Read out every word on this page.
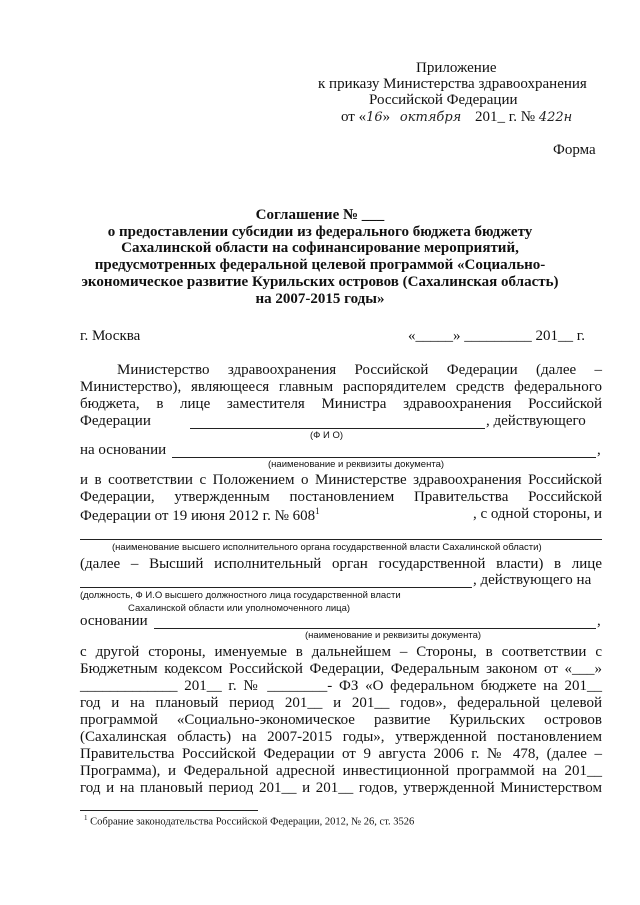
Приложение
к приказу Министерства здравоохранения
Российской Федерации
от «16» октября 201_ г. № 422н
Форма
Соглашение № ___
о предоставлении субсидии из федерального бюджета бюджету
Сахалинской области на софинансирование мероприятий,
предусмотренных федеральной целевой программой «Социально-
экономическое развитие Курильских островов (Сахалинская область)
на 2007-2015 годы»
г. Москва	«_____» _________ 201__ г.
Министерство здравоохранения Российской Федерации (далее –
Министерство), являющееся главным распорядителем средств федерального
бюджета, в лице заместителя Министра здравоохранения Российской
Федерации	, действующего
(Ф И О)
на основании	,
(наименование и реквизиты документа)
и в соответствии с Положением о Министерстве здравоохранения Российской
Федерации, утвержденным постановлением Правительства Российской
Федерации от 19 июня 2012 г. № $608^1$	, с одной стороны, и
(наименование высшего исполнительного органа государственной власти Сахалинской области)
(далее – Высший исполнительный орган государственной власти) в лице
, действующего на
(должность, Ф И.О высшего должностного лица государственной власти
Сахалинской области или уполномоченного лица)
основании	,
(наименование и реквизиты документа)
с другой стороны, именуемые в дальнейшем – Стороны, в соответствии с
Бюджетным кодексом Российской Федерации, Федеральным законом от «___»
_____________ 201__ г. № ________- ФЗ «О федеральном бюджете на 201__
год и на плановый период 201__ и 201__ годов», федеральной целевой
программой «Социально-экономическое развитие Курильских островов
(Сахалинская область) на 2007-2015 годы», утвержденной постановлением
Правительства Российской Федерации от 9 августа 2006 г. № 478, (далее –
Программа), и Федеральной адресной инвестиционной программой на 201__
год и на плановый период 201__ и 201__ годов, утвержденной Министерством
$^1$ Собрание законодательства Российской Федерации, 2012, № 26, ст. 3526
